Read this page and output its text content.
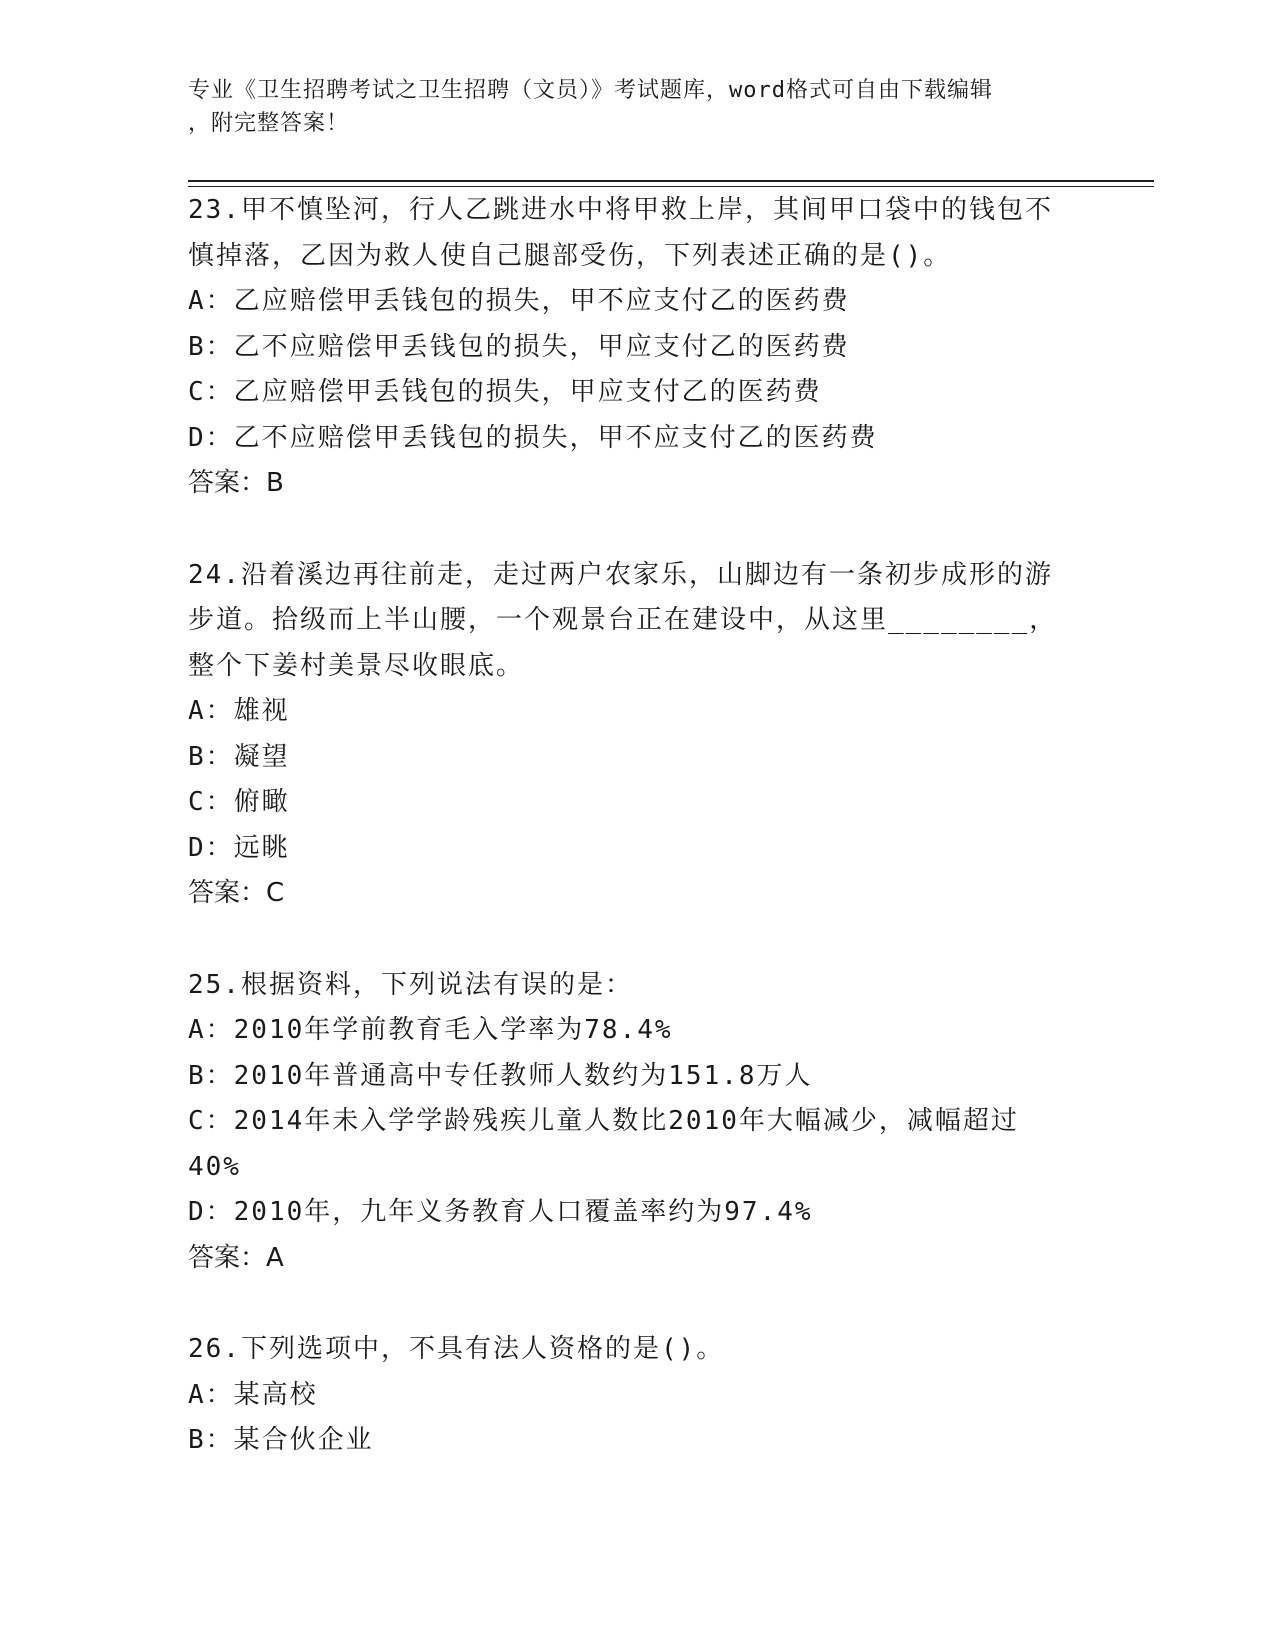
专业《卫生招聘考试之卫生招聘（文员）》考试题库，word格式可自由下载编辑
，附完整答案！
23.甲不慎坠河，行人乙跳进水中将甲救上岸，其间甲口袋中的钱包不
慎掉落，乙因为救人使自己腿部受伤，下列表述正确的是()。
A：乙应赔偿甲丢钱包的损失，甲不应支付乙的医药费
B：乙不应赔偿甲丢钱包的损失，甲应支付乙的医药费
C：乙应赔偿甲丢钱包的损失，甲应支付乙的医药费
D：乙不应赔偿甲丢钱包的损失，甲不应支付乙的医药费
答案：B
24.沿着溪边再往前走，走过两户农家乐，山脚边有一条初步成形的游
步道。拾级而上半山腰，一个观景台正在建设中，从这里________，
整个下姜村美景尽收眼底。
A：雄视
B：凝望
C：俯瞰
D：远眺
答案：C
25.根据资料，下列说法有误的是：
A：2010年学前教育毛入学率为78.4%
B：2010年普通高中专任教师人数约为151.8万人
C：2014年未入学学龄残疾儿童人数比2010年大幅减少，减幅超过
40%
D：2010年，九年义务教育人口覆盖率约为97.4%
答案：A
26.下列选项中，不具有法人资格的是()。
A：某高校
B：某合伙企业
